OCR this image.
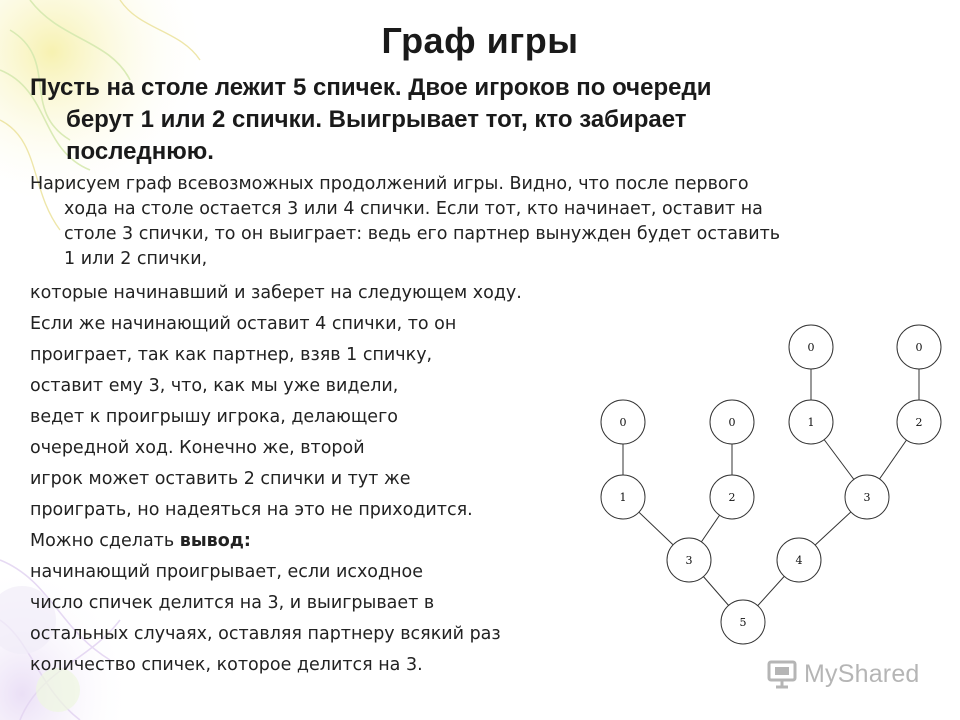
Граф игры
Пусть на столе лежит 5 спичек. Двое игроков по очереди
берут 1 или 2 спички. Выигрывает тот, кто забирает
последнюю.
Нарисуем граф всевозможных продолжений игры. Видно, что после первого
хода на столе остается 3 или 4 спички. Если тот, кто начинает, оставит на
столе 3 спички, то он выиграет: ведь его партнер вынужден будет оставить
1 или 2 спички,
которые начинавший и заберет на следующем ходу.
Если же начинающий оставит 4 спички, то он
проиграет, так как партнер, взяв 1 спичку,
оставит ему 3, что, как мы уже видели,
ведет к проигрышу игрока, делающего
очередной ход. Конечно же, второй
игрок может оставить 2 спички и тут же
проиграть, но надеяться на это не приходится.
Можно сделать вывод:
начинающий проигрывает, если исходное
число спичек делится на 3, и выигрывает в
остальных случаях, оставляя партнеру всякий раз
количество спичек, которое делится на 3.
5
3	4
1	2	3
0	0	1	2
0	0
MyShared
